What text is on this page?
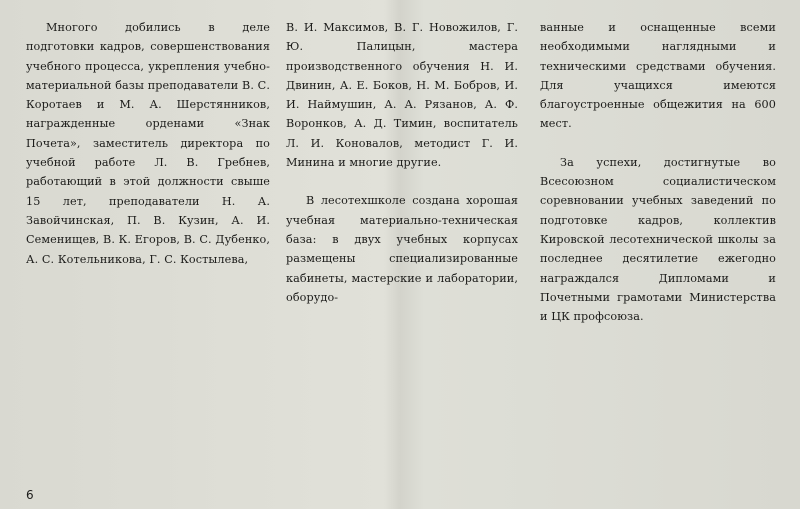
Многого добились в деле подготовки кадров, совершенствования учебного процесса, укрепления учебно-материальной базы преподаватели В. С. Коротаев и М. А. Шерстянников, награжденные орденами «Знак Почета», заместитель директора по учебной работе Л. В. Гребнев, работающий в этой должности свыше 15 лет, преподаватели Н. А. Завойчинская, П. В. Кузин, А. И. Семенищев, В. К. Егоров, В. С. Дубенко, А. С. Котельникова, Г. С. Костылева,

В. И. Максимов, В. Г. Новожилов, Г. Ю. Палицын, мастера производственного обучения Н. И. Двинин, А. Е. Боков, Н. М. Бобров, И. И. Наймушин, А. А. Рязанов, А. Ф. Воронков, А. Д. Тимин, воспитатель Л. И. Коновалов, методист Г. И. Минина и многие другие.

В лесотехшколе создана хорошая учебная материально-техническая база: в двух учебных корпусах размещены специализированные кабинеты, мастерские и лаборатории, оборудо-

ванные и оснащенные всеми необходимыми наглядными и техническими средствами обучения. Для учащихся имеются благоустроенные общежития на 600 мест.

За успехи, достигнутые во Всесоюзном социалистическом соревновании учебных заведений по подготовке кадров, коллектив Кировской лесотехнической школы за последнее десятилетие ежегодно награждался Дипломами и Почетными грамотами Министерства и ЦК профсоюза.

6
